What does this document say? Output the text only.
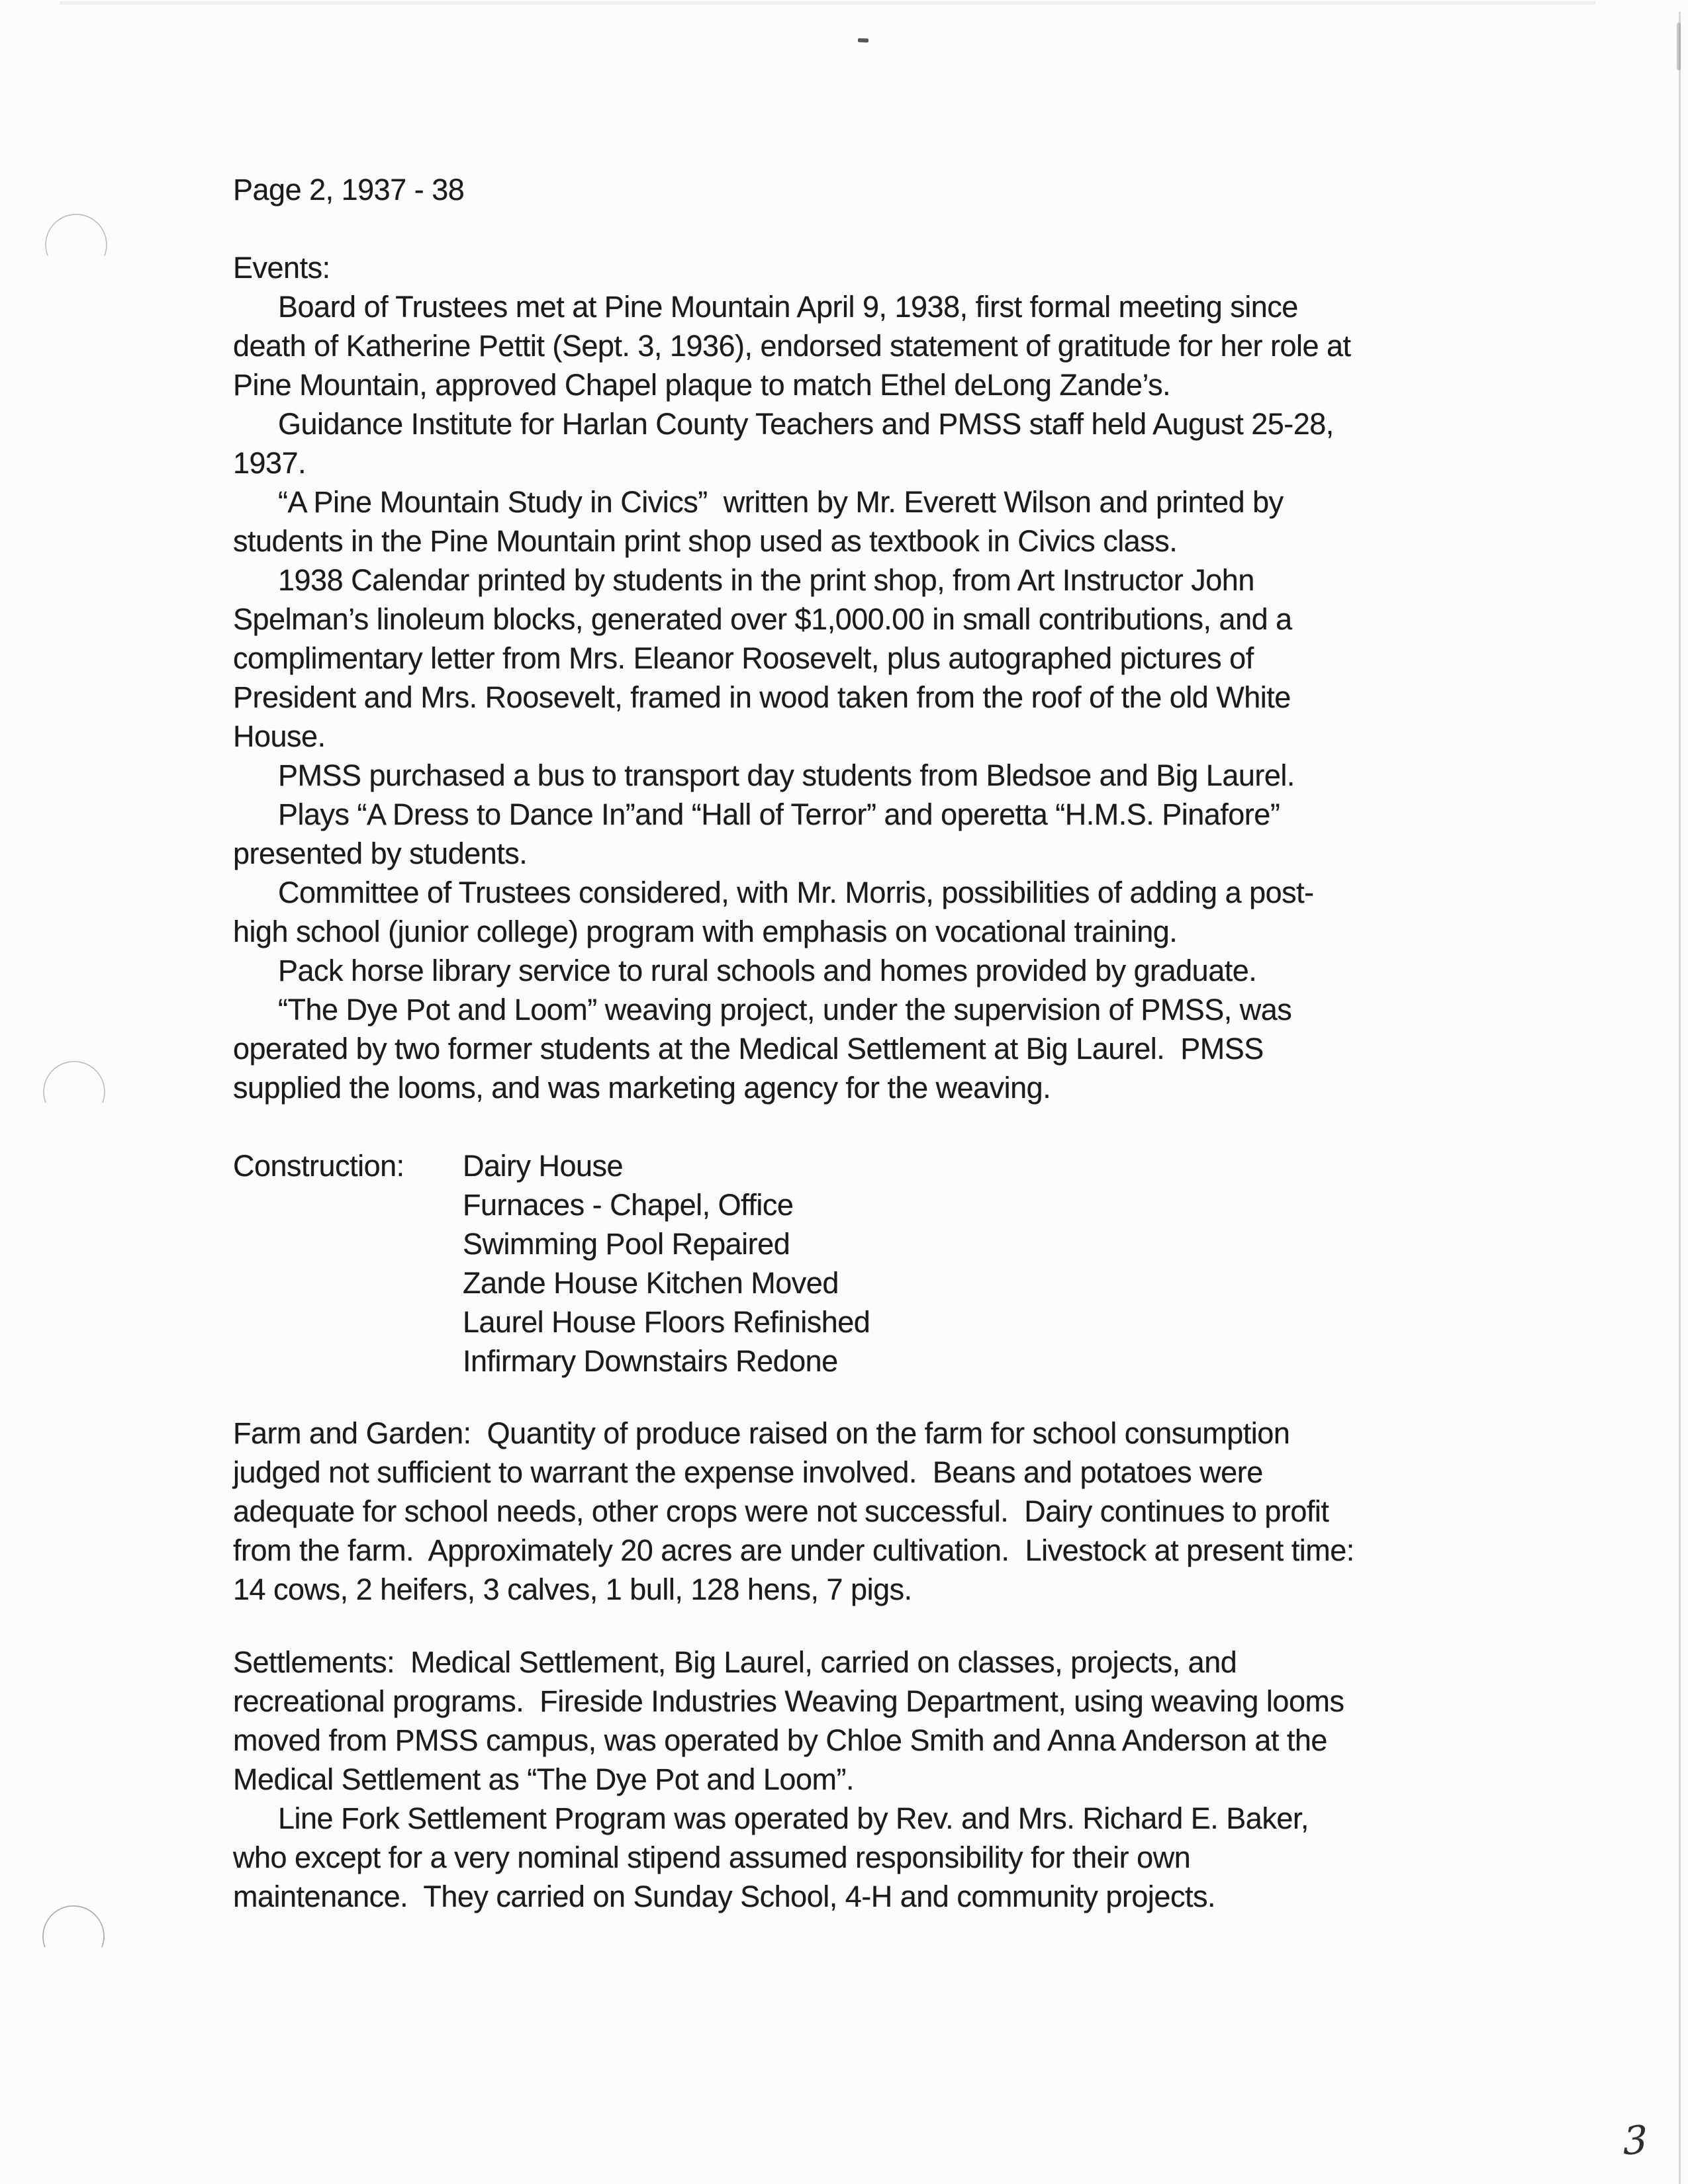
Page 2, 1937 - 38
Events:
Board of Trustees met at Pine Mountain April 9, 1938, first formal meeting since
death of Katherine Pettit (Sept. 3, 1936), endorsed statement of gratitude for her role at
Pine Mountain, approved Chapel plaque to match Ethel deLong Zande’s.
Guidance Institute for Harlan County Teachers and PMSS staff held August 25-28,
1937.
“A Pine Mountain Study in Civics”  written by Mr. Everett Wilson and printed by
students in the Pine Mountain print shop used as textbook in Civics class.
1938 Calendar printed by students in the print shop, from Art Instructor John
Spelman’s linoleum blocks, generated over $1,000.00 in small contributions, and a
complimentary letter from Mrs. Eleanor Roosevelt, plus autographed pictures of
President and Mrs. Roosevelt, framed in wood taken from the roof of the old White
House.
PMSS purchased a bus to transport day students from Bledsoe and Big Laurel.
Plays “A Dress to Dance In”and “Hall of Terror” and operetta “H.M.S. Pinafore”
presented by students.
Committee of Trustees considered, with Mr. Morris, possibilities of adding a post-
high school (junior college) program with emphasis on vocational training.
Pack horse library service to rural schools and homes provided by graduate.
“The Dye Pot and Loom” weaving project, under the supervision of PMSS, was
operated by two former students at the Medical Settlement at Big Laurel.  PMSS
supplied the looms, and was marketing agency for the weaving.
Construction: Dairy House
Furnaces - Chapel, Office
Swimming Pool Repaired
Zande House Kitchen Moved
Laurel House Floors Refinished
Infirmary Downstairs Redone
Farm and Garden:  Quantity of produce raised on the farm for school consumption
judged not sufficient to warrant the expense involved.  Beans and potatoes were
adequate for school needs, other crops were not successful.  Dairy continues to profit
from the farm.  Approximately 20 acres are under cultivation.  Livestock at present time:
14 cows, 2 heifers, 3 calves, 1 bull, 128 hens, 7 pigs.
Settlements:  Medical Settlement, Big Laurel, carried on classes, projects, and
recreational programs.  Fireside Industries Weaving Department, using weaving looms
moved from PMSS campus, was operated by Chloe Smith and Anna Anderson at the
Medical Settlement as “The Dye Pot and Loom”.
Line Fork Settlement Program was operated by Rev. and Mrs. Richard E. Baker,
who except for a very nominal stipend assumed responsibility for their own
maintenance.  They carried on Sunday School, 4-H and community projects.
3
